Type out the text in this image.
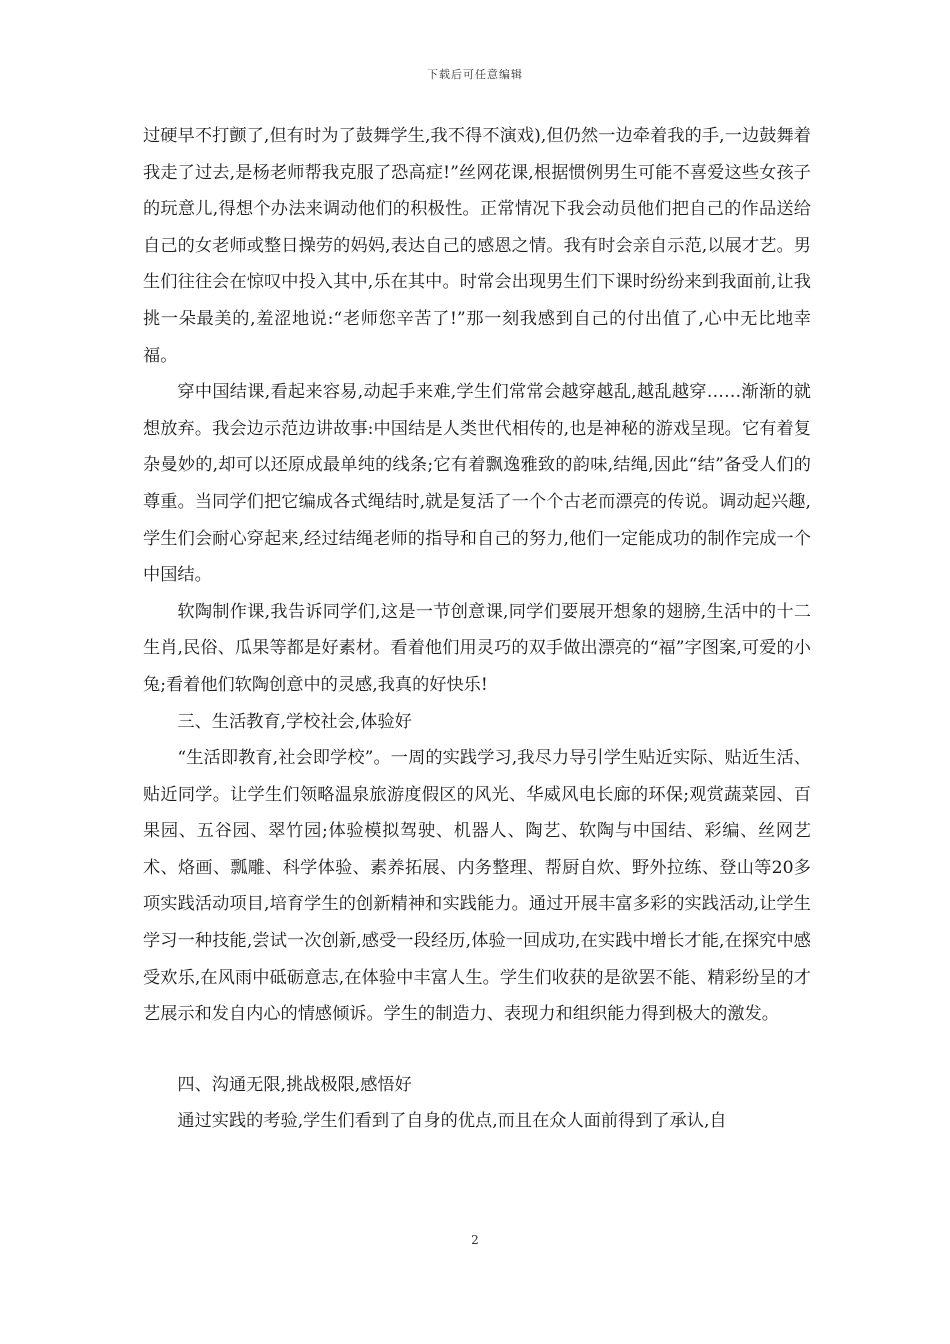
下载后可任意编辑

过硬早不打颤了,但有时为了鼓舞学生,我不得不演戏),但仍然一边牵着我的手,一边鼓舞着我走了过去,是杨老师帮我克服了恐高症!”丝网花课,根据惯例男生可能不喜爱这些女孩子的玩意儿,得想个办法来调动他们的积极性。正常情况下我会动员他们把自己的作品送给自己的女老师或整日操劳的妈妈,表达自己的感恩之情。我有时会亲自示范,以展才艺。男生们往往会在惊叹中投入其中,乐在其中。时常会出现男生们下课时纷纷来到我面前,让我挑一朵最美的,羞涩地说:“老师您辛苦了!”那一刻我感到自己的付出值了,心中无比地幸福。

穿中国结课,看起来容易,动起手来难,学生们常常会越穿越乱,越乱越穿……渐渐的就想放弃。我会边示范边讲故事:中国结是人类世代相传的,也是神秘的游戏呈现。它有着复杂曼妙的,却可以还原成最单纯的线条;它有着飘逸雅致的韵味,结绳,因此“结”备受人们的尊重。当同学们把它编成各式绳结时,就是复活了一个个古老而漂亮的传说。调动起兴趣,学生们会耐心穿起来,经过结绳老师的指导和自己的努力,他们一定能成功的制作完成一个中国结。

软陶制作课,我告诉同学们,这是一节创意课,同学们要展开想象的翅膀,生活中的十二生肖,民俗、瓜果等都是好素材。看着他们用灵巧的双手做出漂亮的“福”字图案,可爱的小兔;看着他们软陶创意中的灵感,我真的好快乐!

三、生活教育,学校社会,体验好

“生活即教育,社会即学校”。一周的实践学习,我尽力导引学生贴近实际、贴近生活、贴近同学。让学生们领略温泉旅游度假区的风光、华威风电长廊的环保;观赏蔬菜园、百果园、五谷园、翠竹园;体验模拟驾驶、机器人、陶艺、软陶与中国结、彩编、丝网艺术、烙画、瓢雕、科学体验、素养拓展、内务整理、帮厨自炊、野外拉练、登山等20多项实践活动项目,培育学生的创新精神和实践能力。通过开展丰富多彩的实践活动,让学生学习一种技能,尝试一次创新,感受一段经历,体验一回成功,在实践中增长才能,在探究中感受欢乐,在风雨中砥砺意志,在体验中丰富人生。学生们收获的是欲罢不能、精彩纷呈的才艺展示和发自内心的情感倾诉。学生的制造力、表现力和组织能力得到极大的激发。

四、沟通无限,挑战极限,感悟好

通过实践的考验,学生们看到了自身的优点,而且在众人面前得到了承认,自

2
